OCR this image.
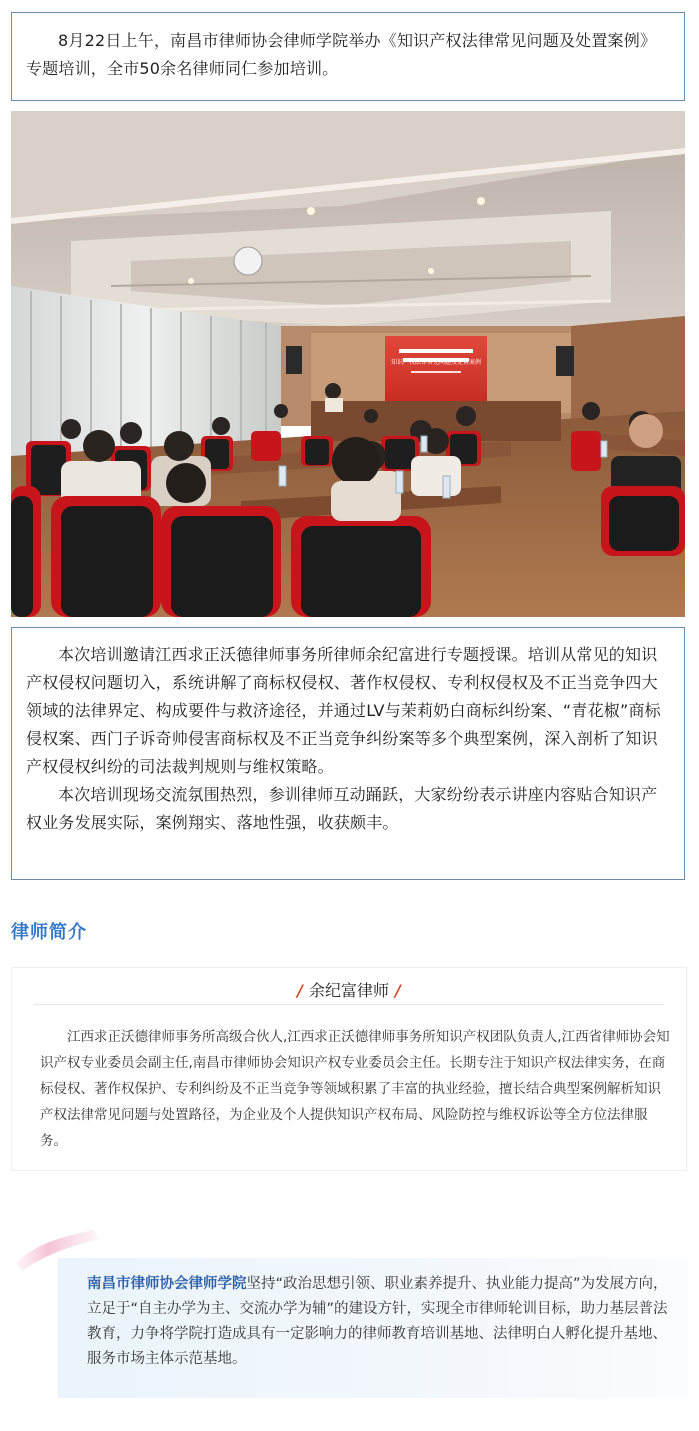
8月22日上午，南昌市律师协会律师学院举办《知识产权法律常见问题及处置案例》专题培训，全市50余名律师同仁参加培训。

知识产权法律常见问题及处置案例

本次培训邀请江西求正沃德律师事务所律师余纪富进行专题授课。培训从常见的知识产权侵权问题切入，系统讲解了商标权侵权、著作权侵权、专利权侵权及不正当竞争四大领域的法律界定、构成要件与救济途径，并通过LV与茉莉奶白商标纠纷案、“青花椒”商标侵权案、西门子诉奇帅侵害商标权及不正当竞争纠纷案等多个典型案例，深入剖析了知识产权侵权纠纷的司法裁判规则与维权策略。

本次培训现场交流氛围热烈，参训律师互动踊跃，大家纷纷表示讲座内容贴合知识产权业务发展实际，案例翔实、落地性强，收获颇丰。

律师简介
/ 余纪富律师 /

江西求正沃德律师事务所高级合伙人,江西求正沃德律师事务所知识产权团队负责人,江西省律师协会知识产权专业委员会副主任,南昌市律师协会知识产权专业委员会主任。长期专注于知识产权法律实务，在商标侵权、著作权保护、专利纠纷及不正当竞争等领域积累了丰富的执业经验，擅长结合典型案例解析知识产权法律常见问题与处置路径，为企业及个人提供知识产权布局、风险防控与维权诉讼等全方位法律服务。

南昌市律师协会律师学院坚持“政治思想引领、职业素养提升、执业能力提高”为发展方向，立足于“自主办学为主、交流办学为辅”的建设方针，实现全市律师轮训目标，助力基层普法教育，力争将学院打造成具有一定影响力的律师教育培训基地、法律明白人孵化提升基地、服务市场主体示范基地。
